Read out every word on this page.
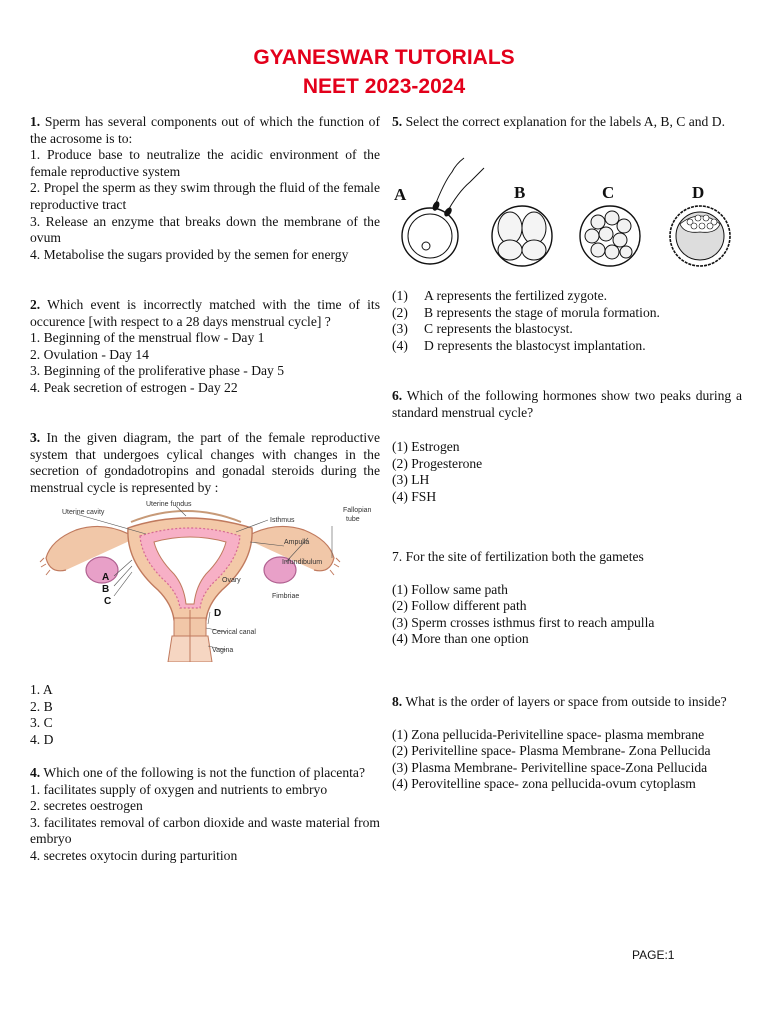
GYANESWAR TUTORIALS
NEET 2023-2024

1. Sperm has several components out of which the function of the acrosome is to:

1. Produce base to neutralize the acidic environment of the female reproductive system

2. Propel the sperm as they swim through the fluid of the female reproductive tract

3. Release an enzyme that breaks down the membrane of the ovum

4. Metabolise the sugars provided by the semen for energy

2. Which event is incorrectly matched with the time of its occurence [with respect to a 28 days menstrual cycle] ?

1. Beginning of the menstrual flow - Day 1

2. Ovulation - Day 14

3. Beginning of the proliferative phase - Day 5

4. Peak secretion of estrogen - Day 22

3. In the given diagram, the part of the female reproductive system that undergoes cylical changes with changes in the secretion of gondadotropins and gonadal steroids during the menstrual cycle is represented by :

Uterine fundus
Uterine cavity
Isthmus
Ampulla
Infundibulum
Fallopian
tube
Ovary
Fimbriae
Cervical canal
Vagina
A
B
C
D

1. A

2. B

3. C

4. D

4. Which one of the following is not the function of placenta?

1. facilitates supply of oxygen and nutrients to embryo

2. secretes oestrogen

3. facilitates removal of carbon dioxide and waste material from embryo

4. secretes oxytocin during parturition

5. Select the correct explanation for the labels A, B, C and D.

A	B	C	D

(1) A represents the fertilized zygote.

(2) B represents the stage of morula formation.

(3) C represents the blastocyst.

(4) D represents the blastocyst implantation.

6. Which of the following hormones show two peaks during a standard menstrual cycle?

(1) Estrogen

(2) Progesterone

(3) LH

(4) FSH

7. For the site of fertilization both the gametes

(1) Follow same path

(2) Follow different path

(3) Sperm crosses isthmus first to reach ampulla

(4) More than one option

8. What is the order of layers or space from outside to inside?

(1) Zona pellucida-Perivitelline space- plasma membrane

(2) Perivitelline space- Plasma Membrane- Zona Pellucida

(3) Plasma Membrane- Perivitelline space-Zona Pellucida

(4) Perovitelline space- zona pellucida-ovum cytoplasm

PAGE:1
